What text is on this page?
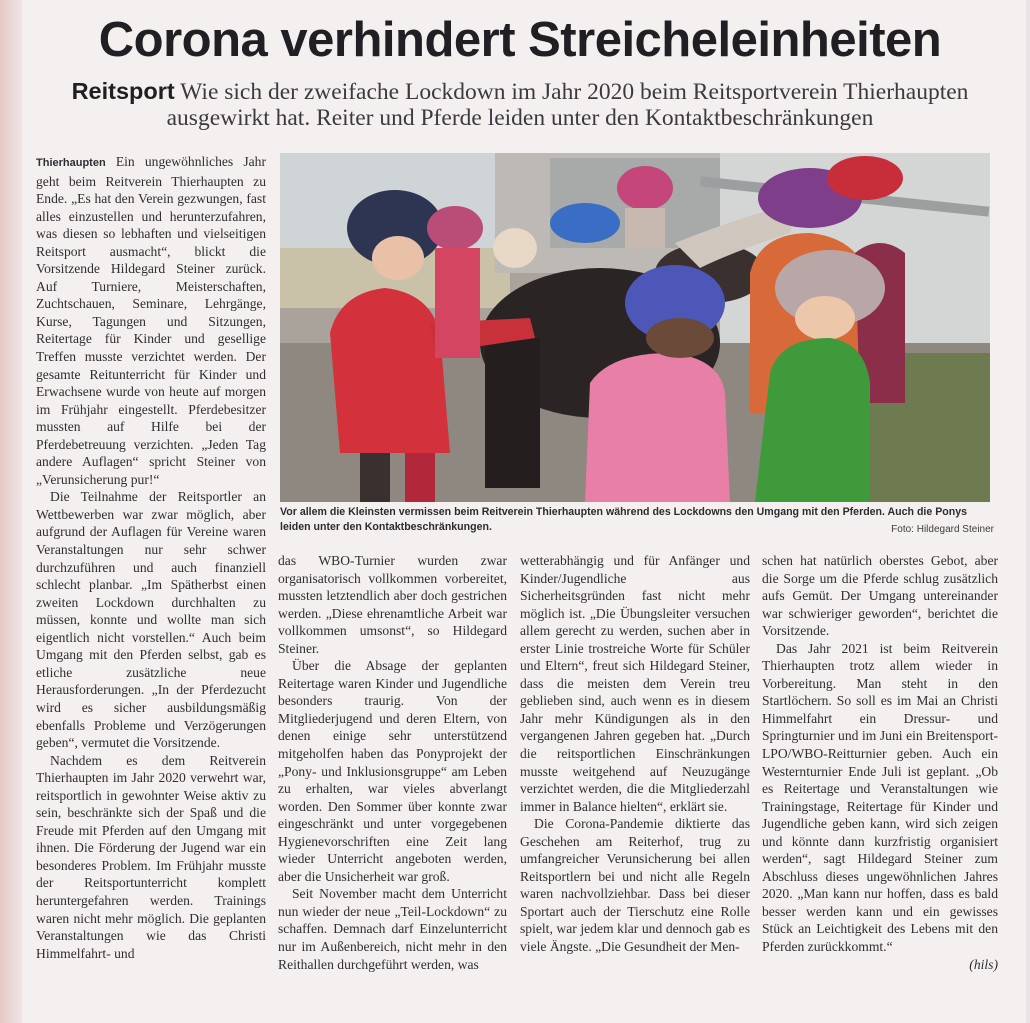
Corona verhindert Streicheleinheiten
Reitsport Wie sich der zweifache Lockdown im Jahr 2020 beim Reitsportverein Thierhaupten ausgewirkt hat. Reiter und Pferde leiden unter den Kontaktbeschränkungen
Vor allem die Kleinsten vermissen beim Reitverein Thierhaupten während des Lockdowns den Umgang mit den Pferden. Auch die Ponys leiden unter den Kontaktbeschränkungen.	Foto: Hildegard Steiner

Thierhaupten Ein ungewöhnliches Jahr geht beim Reitverein Thierhaupten zu Ende. „Es hat den Verein gezwungen, fast alles einzustellen und herunterzufahren, was diesen so lebhaften und vielseitigen Reitsport ausmacht“, blickt die Vorsitzende Hildegard Steiner zurück. Auf Turniere, Meisterschaften, Zuchtschauen, Seminare, Lehrgänge, Kurse, Tagungen und Sitzungen, Reitertage für Kinder und gesellige Treffen musste verzichtet werden. Der gesamte Reitunterricht für Kinder und Erwachsene wurde von heute auf morgen im Frühjahr eingestellt. Pferdebesitzer mussten auf Hilfe bei der Pferdebetreuung verzichten. „Jeden Tag andere Auflagen“ spricht Steiner von „Verunsicherung pur!“

Die Teilnahme der Reitsportler an Wettbewerben war zwar möglich, aber aufgrund der Auflagen für Vereine waren Veranstaltungen nur sehr schwer durchzuführen und auch finanziell schlecht planbar. „Im Spätherbst einen zweiten Lockdown durchhalten zu müssen, konnte und wollte man sich eigentlich nicht vorstellen.“ Auch beim Umgang mit den Pferden selbst, gab es etliche zusätzliche neue Herausforderungen. „In der Pferdezucht wird es sicher ausbildungsmäßig ebenfalls Probleme und Verzögerungen geben“, vermutet die Vorsitzende.

Nachdem es dem Reitverein Thierhaupten im Jahr 2020 verwehrt war, reitsportlich in gewohnter Weise aktiv zu sein, beschränkte sich der Spaß und die Freude mit Pferden auf den Umgang mit ihnen. Die Förderung der Jugend war ein besonderes Problem. Im Frühjahr musste der Reitsportunterricht komplett heruntergefahren werden. Trainings waren nicht mehr möglich. Die geplanten Veranstaltungen wie das Christi Himmelfahrt- und

das WBO-Turnier wurden zwar organisatorisch vollkommen vorbereitet, mussten letztendlich aber doch gestrichen werden. „Diese ehrenamtliche Arbeit war vollkommen umsonst“, so Hildegard Steiner.

Über die Absage der geplanten Reitertage waren Kinder und Jugendliche besonders traurig. Von der Mitgliederjugend und deren Eltern, von denen einige sehr unterstützend mitgeholfen haben das Ponyprojekt der „Pony- und Inklusionsgruppe“ am Leben zu erhalten, war vieles abverlangt worden. Den Sommer über konnte zwar eingeschränkt und unter vorgegebenen Hygienevorschriften eine Zeit lang wieder Unterricht angeboten werden, aber die Unsicherheit war groß.

Seit November macht dem Unterricht nun wieder der neue „Teil-Lockdown“ zu schaffen. Demnach darf Einzelunterricht nur im Außenbereich, nicht mehr in den Reithallen durchgeführt werden, was

wetterabhängig und für Anfänger und Kinder/Jugendliche aus Sicherheitsgründen fast nicht mehr möglich ist. „Die Übungsleiter versuchen allem gerecht zu werden, suchen aber in erster Linie trostreiche Worte für Schüler und Eltern“, freut sich Hildegard Steiner, dass die meisten dem Verein treu geblieben sind, auch wenn es in diesem Jahr mehr Kündigungen als in den vergangenen Jahren gegeben hat. „Durch die reitsportlichen Einschränkungen musste weitgehend auf Neuzugänge verzichtet werden, die die Mitgliederzahl immer in Balance hielten“, erklärt sie.

Die Corona-Pandemie diktierte das Geschehen am Reiterhof, trug zu umfangreicher Verunsicherung bei allen Reitsportlern bei und nicht alle Regeln waren nachvollziehbar. Dass bei dieser Sportart auch der Tierschutz eine Rolle spielt, war jedem klar und dennoch gab es viele Ängste. „Die Gesundheit der Men-

schen hat natürlich oberstes Gebot, aber die Sorge um die Pferde schlug zusätzlich aufs Gemüt. Der Umgang untereinander war schwieriger geworden“, berichtet die Vorsitzende.

Das Jahr 2021 ist beim Reitverein Thierhaupten trotz allem wieder in Vorbereitung. Man steht in den Startlöchern. So soll es im Mai an Christi Himmelfahrt ein Dressur- und Springturnier und im Juni ein Breitensport-LPO/WBO-Reitturnier geben. Auch ein Westernturnier Ende Juli ist geplant. „Ob es Reitertage und Veranstaltungen wie Trainingstage, Reitertage für Kinder und Jugendliche geben kann, wird sich zeigen und könnte dann kurzfristig organisiert werden“, sagt Hildegard Steiner zum Abschluss dieses ungewöhnlichen Jahres 2020. „Man kann nur hoffen, dass es bald besser werden kann und ein gewisses Stück an Leichtigkeit des Lebens mit den Pferden zurückkommt.“

(hils)
